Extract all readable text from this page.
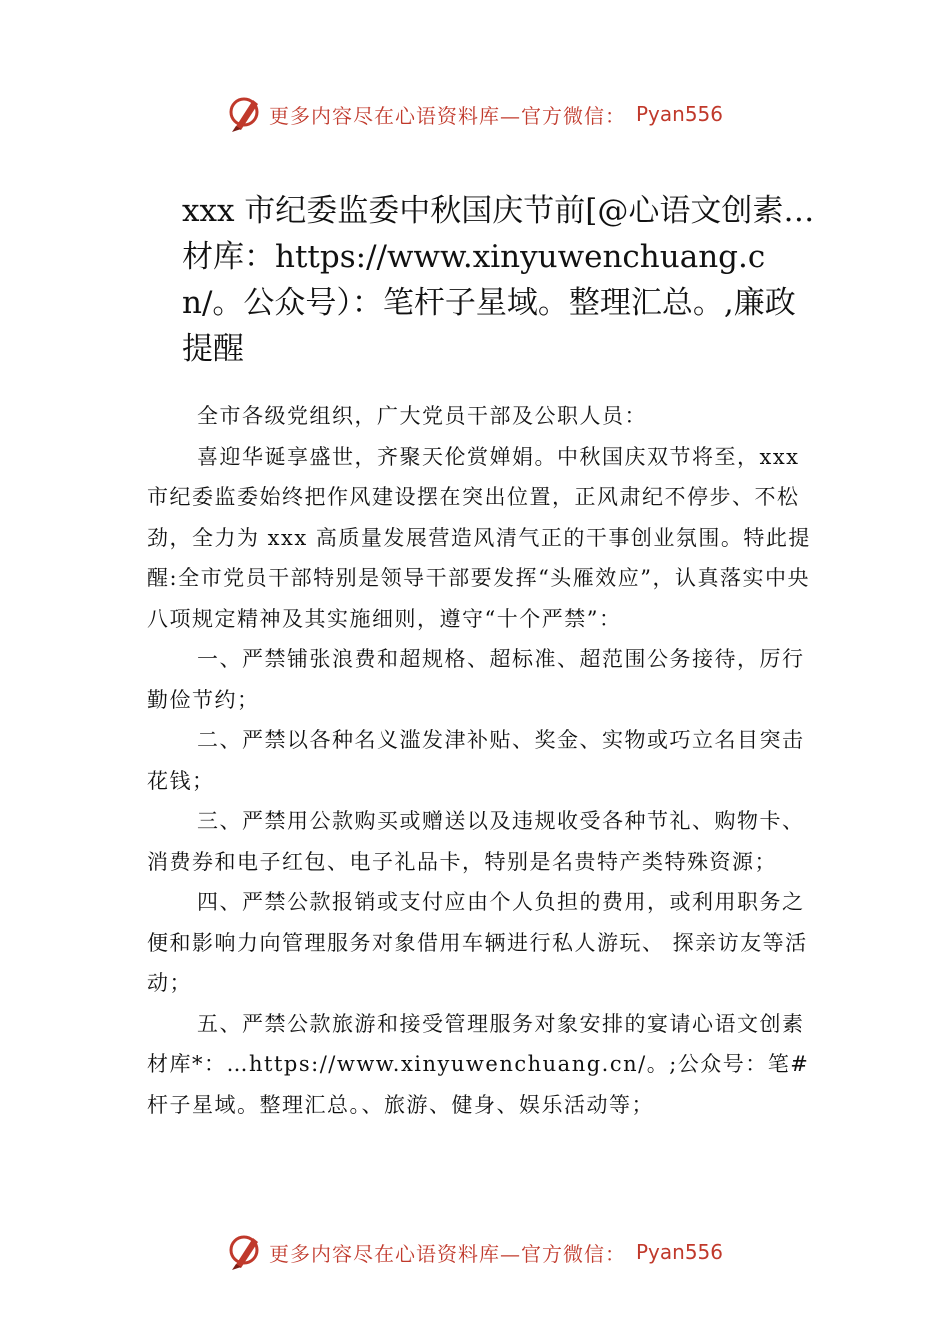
更多内容尽在心语资料库—官方微信： Pyan556
xxx 市纪委监委中秋国庆节前[@心语文创素…材库：https://www.xinyuwenchuang.cn/。公众号）：笔杆子星域。整理汇总。,廉政提醒

全市各级党组织，广大党员干部及公职人员：

喜迎华诞享盛世，齐聚天伦赏婵娟。中秋国庆双节将至，xxx 市纪委监委始终把作风建设摆在突出位置，正风肃纪不停步、不松劲，全力为 xxx 高质量发展营造风清气正的干事创业氛围。特此提醒:全市党员干部特别是领导干部要发挥“头雁效应”，认真落实中央八项规定精神及其实施细则，遵守“十个严禁”：

一、严禁铺张浪费和超规格、超标准、超范围公务接待，厉行勤俭节约；

二、严禁以各种名义滥发津补贴、奖金、实物或巧立名目突击花钱；

三、严禁用公款购买或赠送以及违规收受各种节礼、购物卡、消费券和电子红包、电子礼品卡，特别是名贵特产类特殊资源；

四、严禁公款报销或支付应由个人负担的费用，或利用职务之便和影响力向管理服务对象借用车辆进行私人游玩、 探亲访友等活动；

五、严禁公款旅游和接受管理服务对象安排的宴请心语文创素材库*：…https://www.xinyuwenchuang.cn/。;公众号：笔#杆子星域。整理汇总。、旅游、健身、娱乐活动等；

更多内容尽在心语资料库—官方微信： Pyan556
